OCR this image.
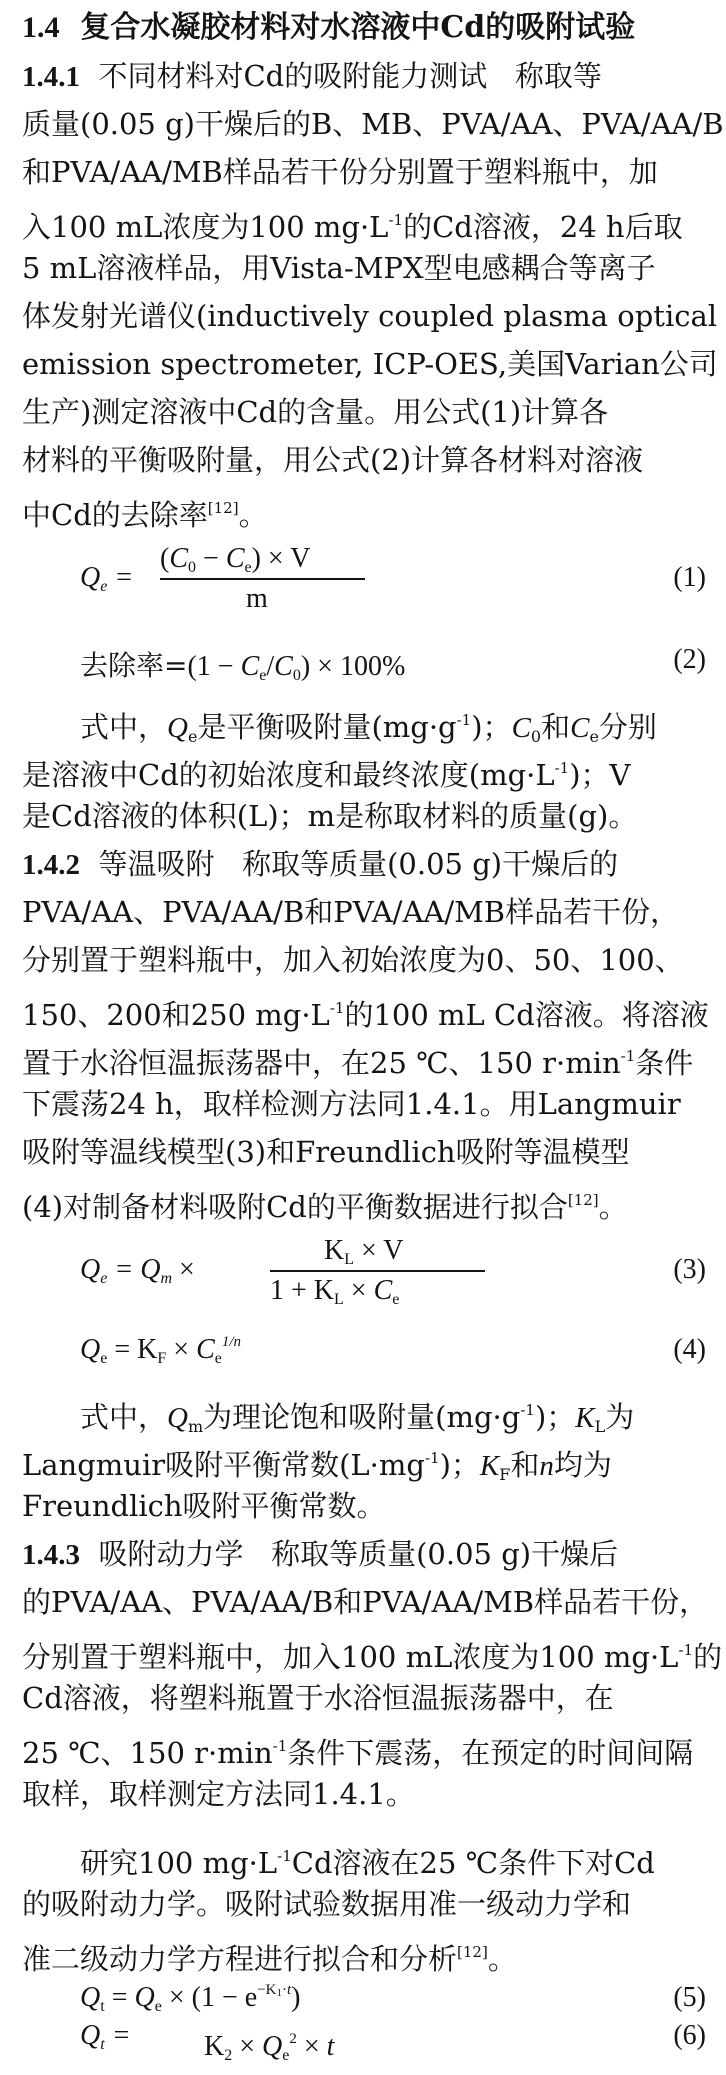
1.4 复合水凝胶材料对水溶液中Cd的吸附试验
1.4.1 不同材料对Cd的吸附能力测试 称取等
质量(0.05 g)干燥后的B、MB、PVA/AA、PVA/AA/B
和PVA/AA/MB样品若干份分别置于塑料瓶中，加
入100 mL浓度为100 $mg\cdot L^{-1}$的Cd溶液，24 h后取
5 mL溶液样品，用Vista-MPX型电感耦合等离子
体发射光谱仪(inductively coupled plasma optical
emission spectrometer, ICP-OES,美国Varian公司
生产)测定溶液中Cd的含量。用公式(1)计算各
材料的平衡吸附量，用公式(2)计算各材料对溶液
中Cd的去除率[12]。
$Q_e$ =
$(C_0 - C_e) \times V$
m
(1)
去除率$=(1 - C_e/C_0) \times 100\%$	(2)
式中，$Q_e$是平衡吸附量$(mg\cdot g^{-1})$；$C_0$和$C_e$分别
是溶液中Cd的初始浓度和最终浓度$(mg\cdot L^{-1})$；V
是Cd溶液的体积(L)；m是称取材料的质量(g)。
1.4.2 等温吸附 称取等质量(0.05 g)干燥后的
PVA/AA、PVA/AA/B和PVA/AA/MB样品若干份，
分别置于塑料瓶中，加入初始浓度为0、50、100、
150、200和250 $mg\cdot L^{-1}$的100 mL Cd溶液。将溶液
置于水浴恒温振荡器中，在25 ℃、150 $r\cdot\min^{-1}$条件
下震荡24 h，取样检测方法同1.4.1。用Langmuir
吸附等温线模型(3)和Freundlich吸附等温模型
(4)对制备材料吸附Cd的平衡数据进行拟合[12]。
$Q_e = Q_m$ ×
$K_L \times V$
$1 + K_L \times C_e$
(3)
$Q_e = K_F \times C_e^{1/n}$	(4)
式中，$Q_m$为理论饱和吸附量$(mg\cdot g^{-1})$；$K_L$为
Langmuir吸附平衡常数$(L\cdot mg^{-1})$；$K_F$和n均为
Freundlich吸附平衡常数。
1.4.3 吸附动力学 称取等质量(0.05 g)干燥后
的PVA/AA、PVA/AA/B和PVA/AA/MB样品若干份，
分别置于塑料瓶中，加入100 mL浓度为100 $mg\cdot L^{-1}$的
Cd溶液，将塑料瓶置于水浴恒温振荡器中，在
25 ℃、150 $r\cdot\min^{-1}$条件下震荡，在预定的时间间隔
取样，取样测定方法同1.4.1。
研究100 $mg\cdot L^{-1}Cd$溶液在25 ℃条件下对Cd
的吸附动力学。吸附试验数据用准一级动力学和
准二级动力学方程进行拟合和分析[12]。
$Q_t = Q_e \times (1 - e^{-K_1\cdot t})$	(5)
$Q_t$ =	$K_2 \times Q_e^2 \times t$	(6)
